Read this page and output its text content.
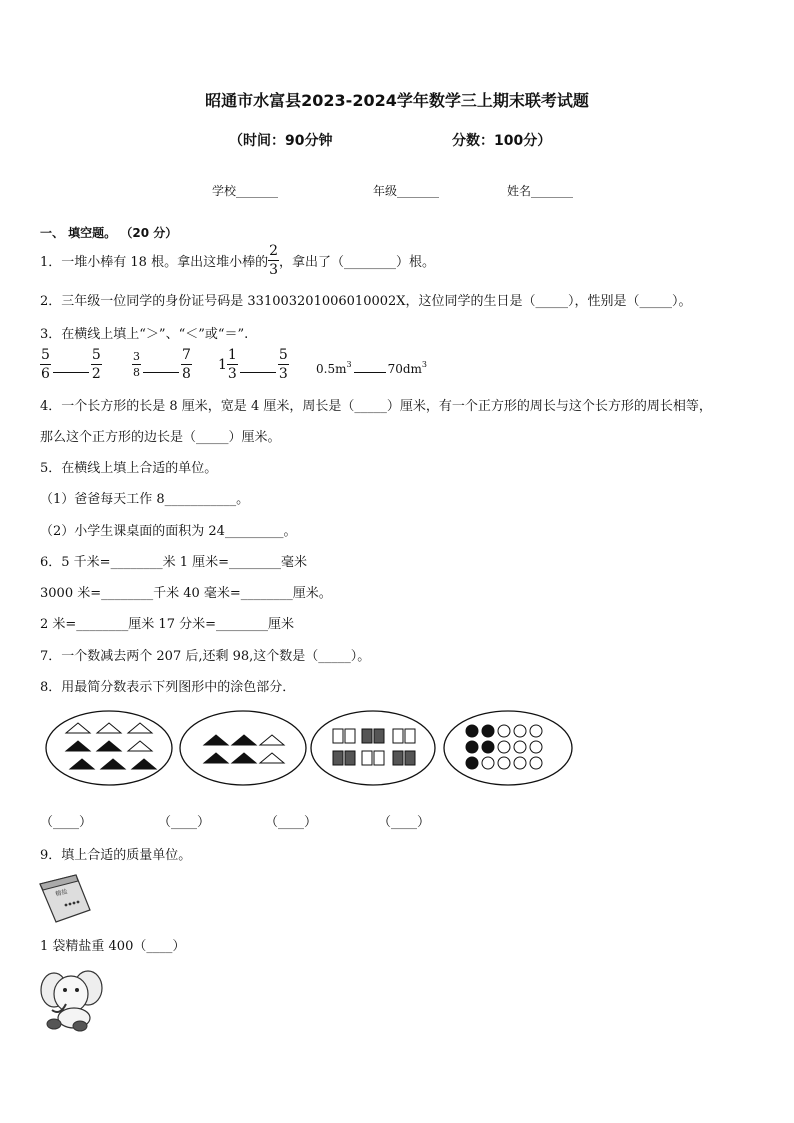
昭通市水富县2023-2024学年数学三上期末联考试题
（时间：90分钟	分数：100分）
学校_______	年级_______	姓名_______
一、 填空题。 （20 分）
1．一堆小棒有 18 根。拿出这堆小棒的 $\frac{2}{3}$ ，拿出了（________）根。
2．三年级一位同学的身份证号码是 331003201006010002X，这位同学的生日是（_____），性别是（_____）。
3．在横线上填上“＞”、“＜”或“＝”.
$\frac{5}{6}$	$\frac{5}{2}$	$\frac{3}{8}$	$\frac{7}{8} 1 \frac{1}{3}$	$\frac{5}{3} 0.5m^3$	$70dm^3$
4．一个长方形的长是 8 厘米，宽是 4 厘米，周长是（_____）厘米，有一个正方形的周长与这个长方形的周长相等，
那么这个正方形的边长是（_____）厘米。
5．在横线上填上合适的单位。
（1）爸爸每天工作 8___________。
（2）小学生课桌面的面积为 24_________。
6．5 千米=________米 1 厘米=________毫米
3000 米=________千米 40 毫米=________厘米。
2 米=________厘米 17 分米=________厘米
7．一个数减去两个 207 后,还剩 98,这个数是（_____）。
8．用最简分数表示下列图形中的涂色部分．
（____）	（____）	（____）	（____）
9．填上合适的质量单位。
精盐
1 袋精盐重 400（____）
